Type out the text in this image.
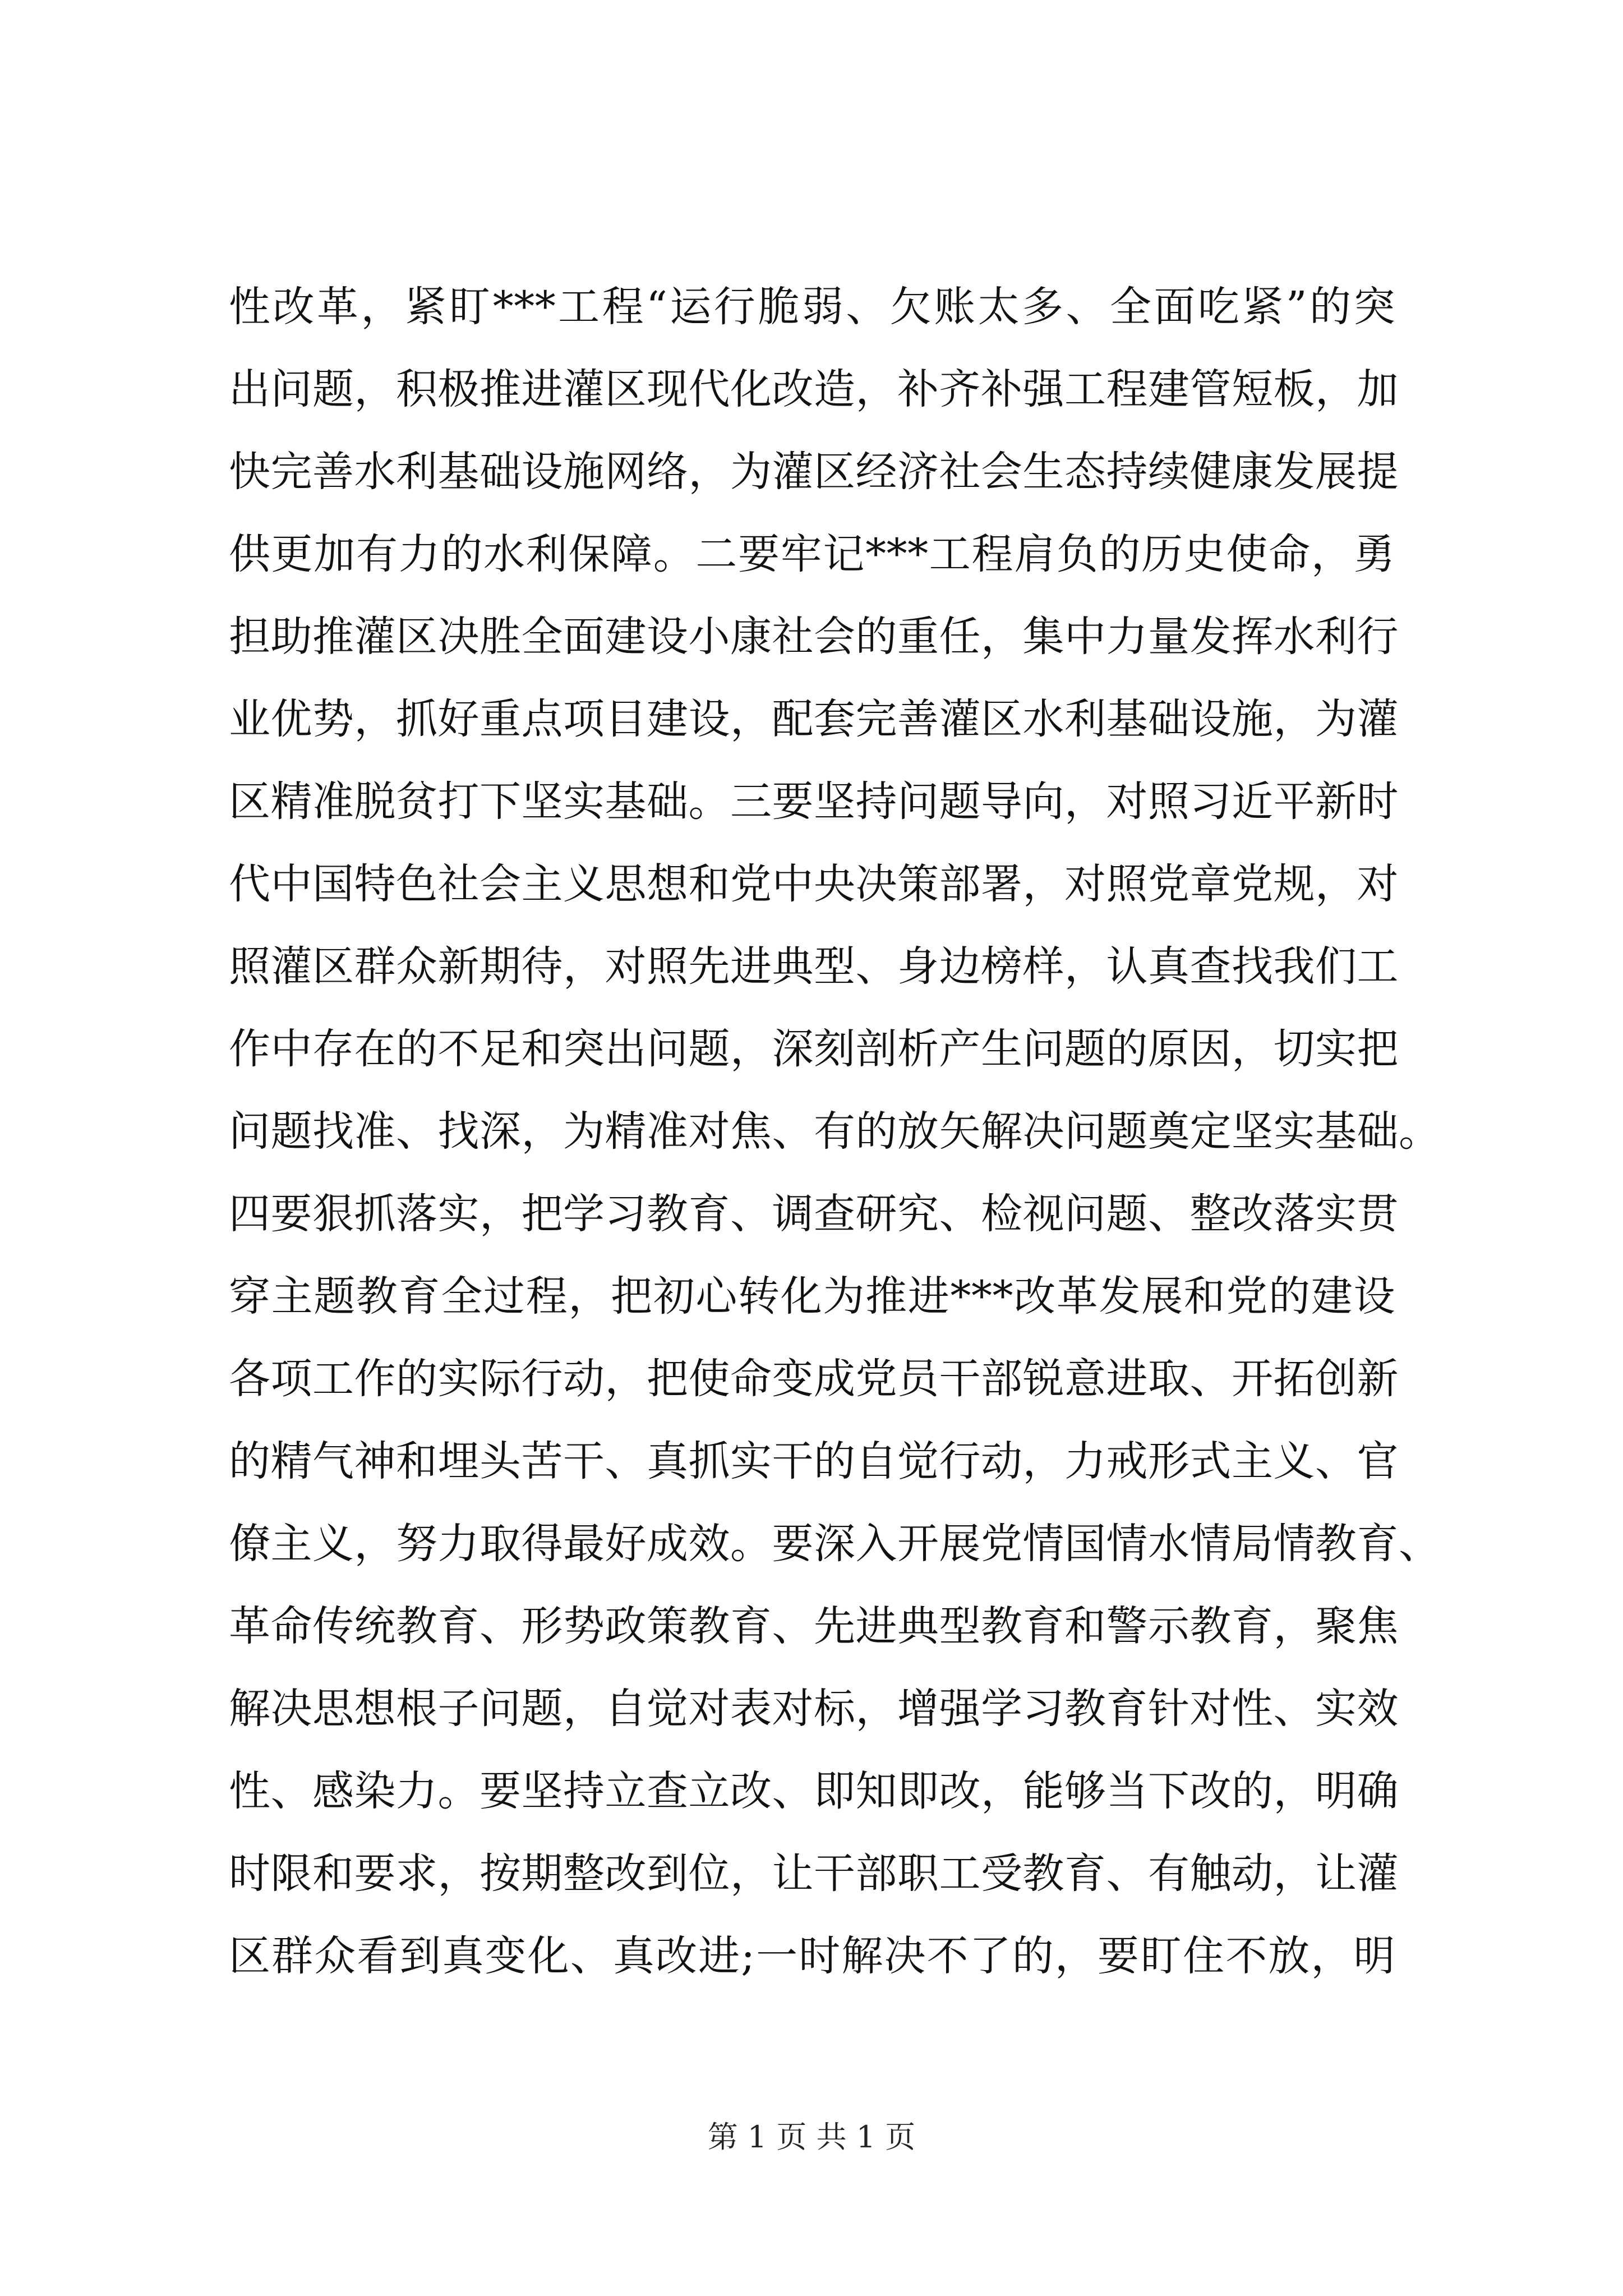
性改革，紧盯***工程“运行脆弱、欠账太多、全面吃紧”的突
出问题，积极推进灌区现代化改造，补齐补强工程建管短板，加
快完善水利基础设施网络，为灌区经济社会生态持续健康发展提
供更加有力的水利保障。二要牢记***工程肩负的历史使命，勇
担助推灌区决胜全面建设小康社会的重任，集中力量发挥水利行
业优势，抓好重点项目建设，配套完善灌区水利基础设施，为灌
区精准脱贫打下坚实基础。三要坚持问题导向，对照习近平新时
代中国特色社会主义思想和党中央决策部署，对照党章党规，对
照灌区群众新期待，对照先进典型、身边榜样，认真查找我们工
作中存在的不足和突出问题，深刻剖析产生问题的原因，切实把
问题找准、找深，为精准对焦、有的放矢解决问题奠定坚实基础。
四要狠抓落实，把学习教育、调查研究、检视问题、整改落实贯
穿主题教育全过程，把初心转化为推进***改革发展和党的建设
各项工作的实际行动，把使命变成党员干部锐意进取、开拓创新
的精气神和埋头苦干、真抓实干的自觉行动，力戒形式主义、官
僚主义，努力取得最好成效。要深入开展党情国情水情局情教育、
革命传统教育、形势政策教育、先进典型教育和警示教育，聚焦
解决思想根子问题，自觉对表对标，增强学习教育针对性、实效
性、感染力。要坚持立查立改、即知即改，能够当下改的，明确
时限和要求，按期整改到位，让干部职工受教育、有触动，让灌
区群众看到真变化、真改进;一时解决不了的，要盯住不放，明
第 1 页 共 1 页
